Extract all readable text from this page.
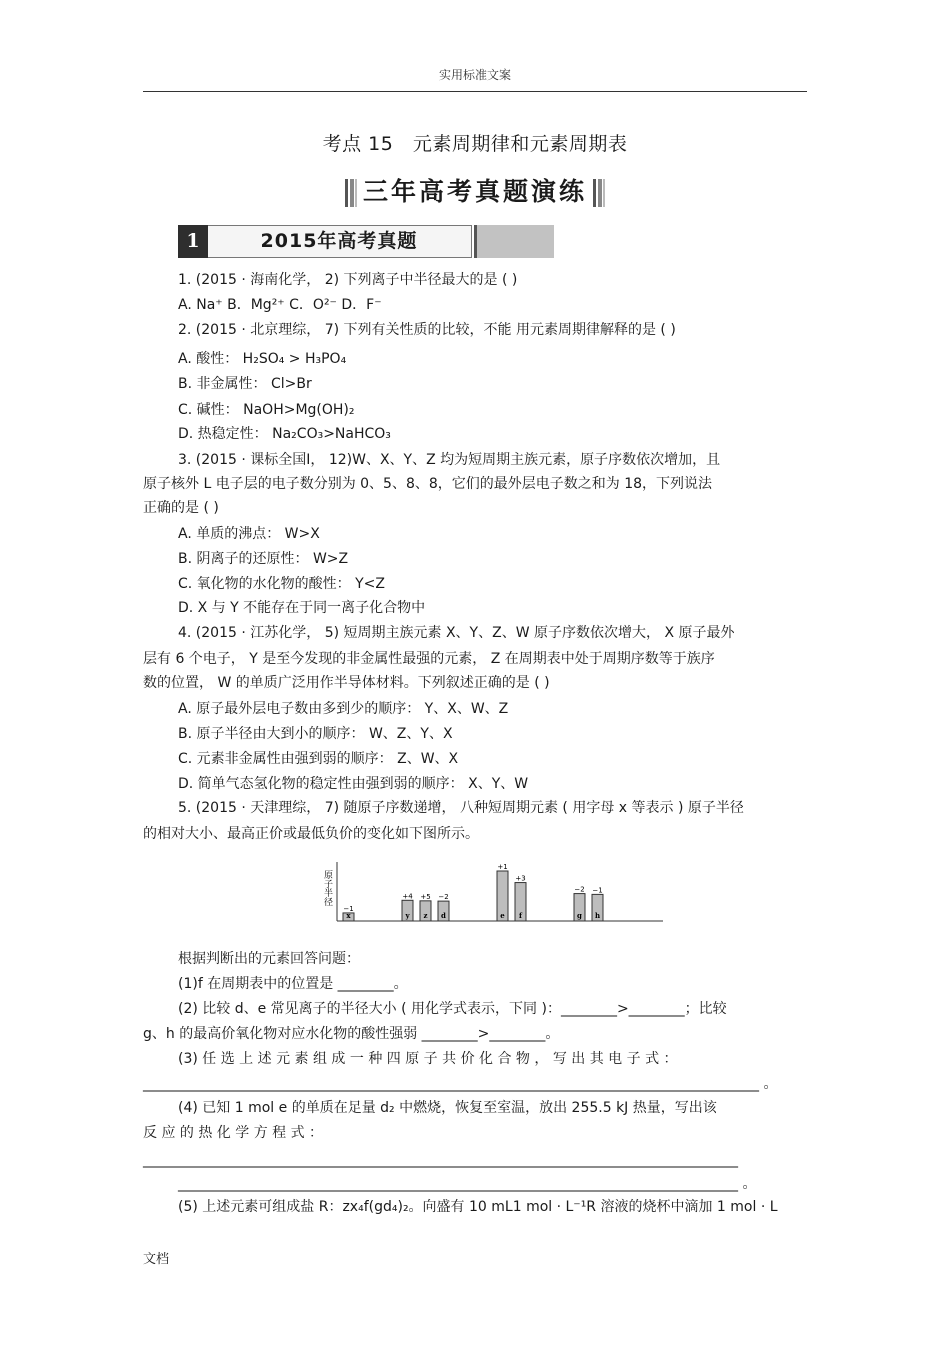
实用标准文案
考点 15　元素周期律和元素周期表
三年高考真题演练
1	2015年高考真题
1. (2015 · 海南化学， 2) 下列离子中半径最大的是 ( )
A. Na⁺ B．Mg²⁺ C．O²⁻ D．F⁻
2. (2015 · 北京理综， 7) 下列有关性质的比较，不能 用元素周期律解释的是 ( )
A. 酸性： H₂SO₄ > H₃PO₄
B. 非金属性： Cl>Br
C. 碱性： NaOH>Mg(OH)₂
D. 热稳定性： Na₂CO₃>NaHCO₃
3. (2015 · 课标全国Ⅰ， 12)W、X、Y、Z 均为短周期主族元素，原子序数依次增加，且
原子核外 L 电子层的电子数分别为 0、5、8、8，它们的最外层电子数之和为 18，下列说法
正确的是 ( )
A. 单质的沸点： W>X
B. 阴离子的还原性： W>Z
C. 氧化物的水化物的酸性： Y<Z
D. X 与 Y 不能存在于同一离子化合物中
4. (2015 · 江苏化学， 5) 短周期主族元素 X、Y、Z、W 原子序数依次增大， X 原子最外
层有 6 个电子， Y 是至今发现的非金属性最强的元素， Z 在周期表中处于周期序数等于族序
数的位置， W 的单质广泛用作半导体材料。下列叙述正确的是 ( )
A. 原子最外层电子数由多到少的顺序： Y、X、W、Z
B. 原子半径由大到小的顺序： W、Z、Y、X
C. 元素非金属性由强到弱的顺序： Z、W、X
D. 简单气态氢化物的稳定性由强到弱的顺序： X、Y、W
5. (2015 · 天津理综， 7) 随原子序数递增， 八种短周期元素 ( 用字母 x 等表示 ) 原子半径
的相对大小、最高正价或最低负价的变化如下图所示。
原子半径
x
−1
y
+4
z
+5
d
−2
e
+1
f
+3
g
−2
h
−1
根据判断出的元素回答问题：
(1)f 在周期表中的位置是 ________。
(2) 比较 d、e 常见离子的半径大小 ( 用化学式表示，下同 )：________>________；比较
g、h 的最高价氧化物对应水化物的酸性强弱 ________>________。
(3) 任 选 上 述 元 素 组 成 一 种 四 原 子 共 价 化 合 物 ， 写 出 其 电 子 式 ：
________________________________________________________________________________________ 。
(4) 已知 1 mol e 的单质在足量 d₂ 中燃烧，恢复至室温，放出 255.5 kJ 热量，写出该
反 应 的 热 化 学 方 程 式 ：
_____________________________________________________________________________________
________________________________________________________________________________ 。
(5) 上述元素可组成盐 R：zx₄f(gd₄)₂。向盛有 10 mL1 mol · L⁻¹R 溶液的烧杯中滴加 1 mol · L
文档
